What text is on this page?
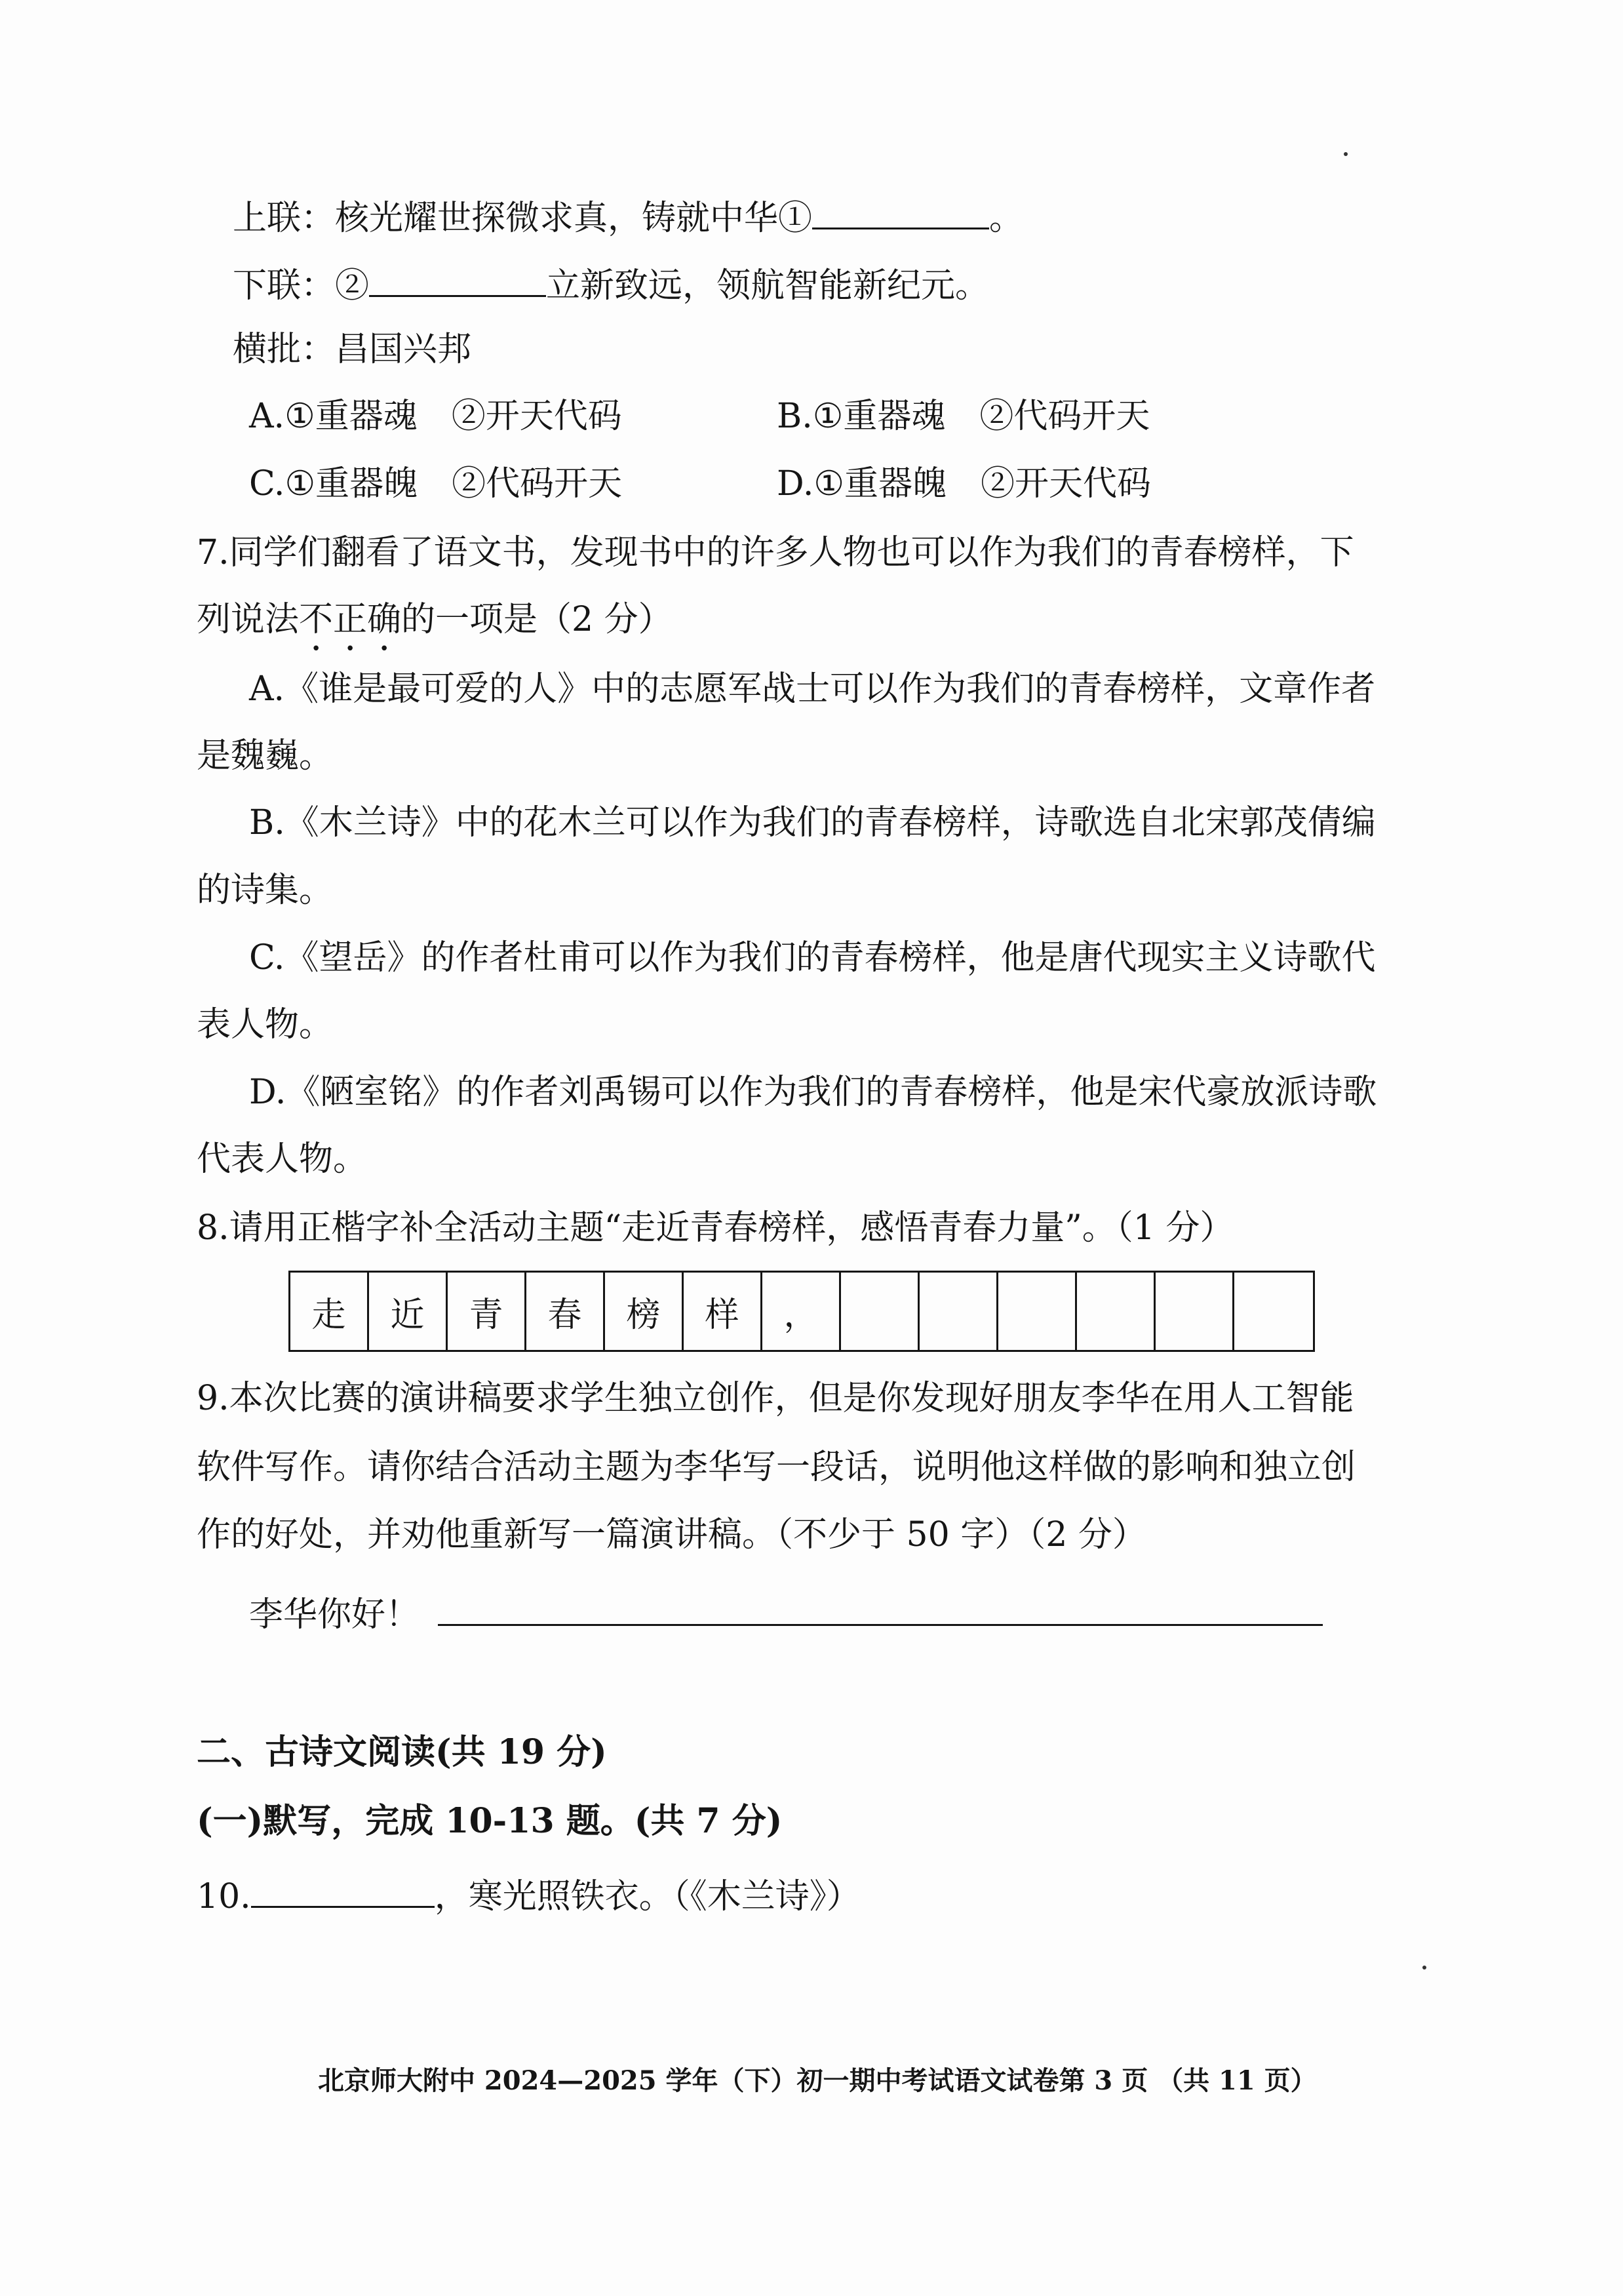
上联：核光耀世探微求真，铸就中华①	。
下联：②	立新致远，领航智能新纪元。
横批：昌国兴邦
A.①重器魂　②开天代码	B.①重器魂　②代码开天
C.①重器魄　②代码开天	D.①重器魄　②开天代码
7.同学们翻看了语文书，发现书中的许多人物也可以作为我们的青春榜样，下
列说法不正确的一项是（2 分）
A.《谁是最可爱的人》中的志愿军战士可以作为我们的青春榜样，文章作者
是魏巍。
B.《木兰诗》中的花木兰可以作为我们的青春榜样，诗歌选自北宋郭茂倩编
的诗集。
C.《望岳》的作者杜甫可以作为我们的青春榜样，他是唐代现实主义诗歌代
表人物。
D.《陋室铭》的作者刘禹锡可以作为我们的青春榜样，他是宋代豪放派诗歌
代表人物。
8.请用正楷字补全活动主题“走近青春榜样，感悟青春力量”。（1 分）
走	近	青	春	榜	样	，
9.本次比赛的演讲稿要求学生独立创作，但是你发现好朋友李华在用人工智能
软件写作。请你结合活动主题为李华写一段话，说明他这样做的影响和独立创
作的好处，并劝他重新写一篇演讲稿。（不少于 50 字）（2 分）
李华你好！
二、古诗文阅读(共 19 分)
(一)默写，完成 10-13 题。(共 7 分)
10.	，寒光照铁衣。（《木兰诗》）
北京师大附中 2024—2025 学年（下）初一期中考试语文试卷第 3 页 （共 11 页）
